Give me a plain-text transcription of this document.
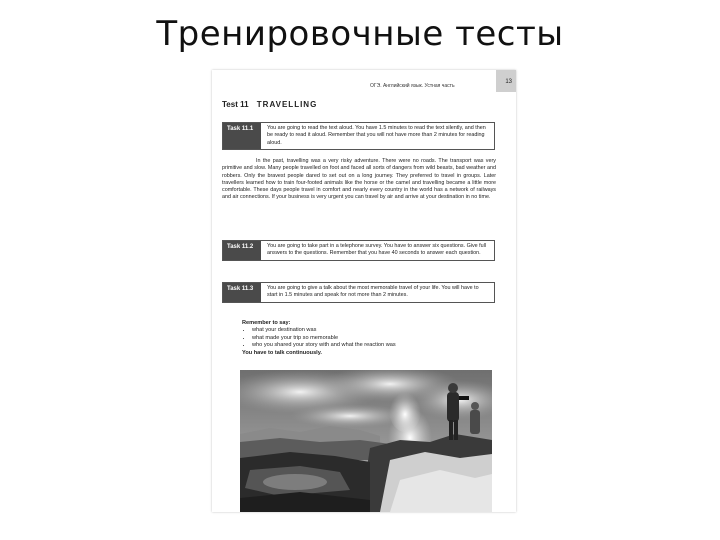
Тренировочные тесты
13
ОГЭ. Английский язык. Устная часть
Test 11 TRAVELLING
Task 11.1	You are going to read the text aloud. You have 1.5 minutes to read the text silently, and then be ready to read it aloud. Remember that you will not have more than 2 minutes for reading aloud.
In the past, travelling was a very risky adventure. There were no roads. The transport was very primitive and slow. Many people travelled on foot and faced all sorts of dangers from wild beasts, bad weather and robbers. Only the bravest people dared to set out on a long journey. They preferred to travel in groups. Later travellers learned how to train four-footed animals like the horse or the camel and travelling became a little more comfortable. These days people travel in comfort and nearly every country in the world has a network of railways and air connections. If your business is very urgent you can travel by air and arrive at your destination in no time.
Task 11.2	You are going to take part in a telephone survey. You have to answer six questions. Give full answers to the questions. Remember that you have 40 seconds to answer each question.
Task 11.3	You are going to give a talk about the most memorable travel of your life. You will have to start in 1.5 minutes and speak for not more than 2 minutes.
Remember to say:
• what your destination was
• what made your trip so memorable
• who you shared your story with and what the reaction was
You have to talk continuously.
